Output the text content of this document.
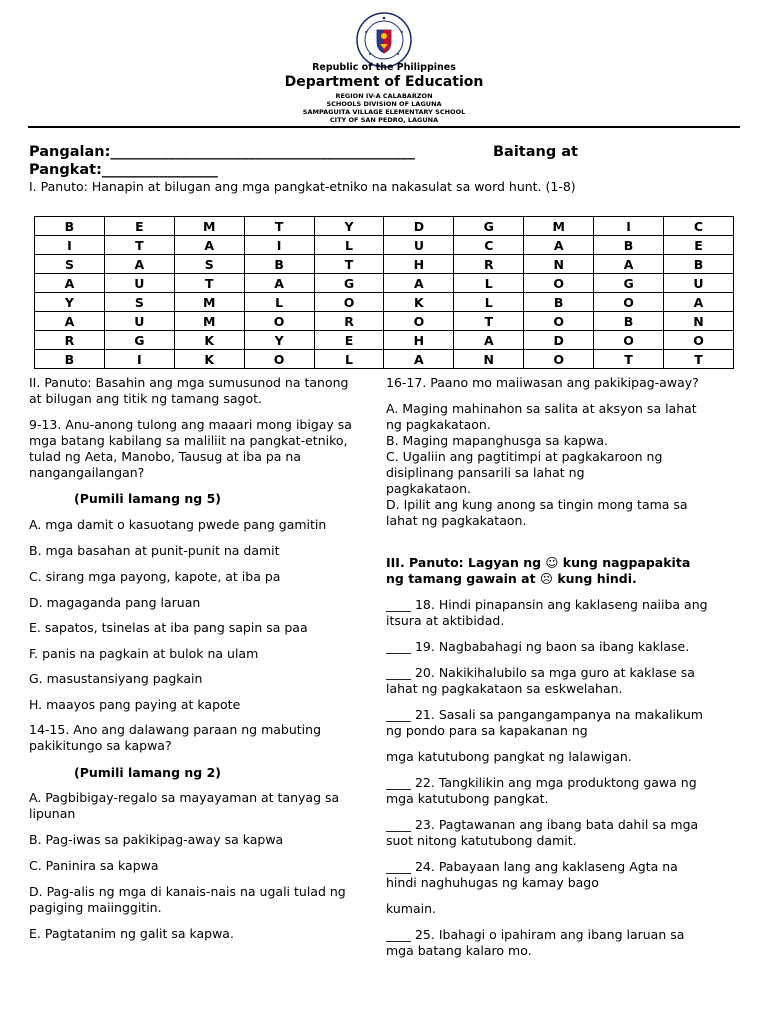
Republic of the Philippines
Department of Education
REGION IV-A CALABARZON
SCHOOLS DIVISION OF LAGUNA
SAMPAGUITA VILLAGE ELEMENTARY SCHOOL
CITY OF SAN PEDRO, LAGUNA
Pangalan:__________________________________________	Baitang at
Pangkat:________________
I. Panuto: Hanapin at bilugan ang mga pangkat-etniko na nakasulat sa word hunt. (1-8)
B	E	M	T	Y	D	G	M	I	C
I	T	A	I	L	U	C	A	B	E
S	A	S	B	T	H	R	N	A	B
A	U	T	A	G	A	L	O	G	U
Y	S	M	L	O	K	L	B	O	A
A	U	M	O	R	O	T	O	B	N
R	G	K	Y	E	H	A	D	O	O
B	I	K	O	L	A	N	O	T	T

II. Panuto: Basahin ang mga sumusunod na tanong

at bilugan ang titik ng tamang sagot.

9-13. Anu-anong tulong ang maaari mong ibigay sa

mga batang kabilang sa maliliit na pangkat-etniko,

tulad ng Aeta, Manobo, Tausug at iba pa na

nangangailangan?

(Pumili lamang ng 5)

A. mga damit o kasuotang pwede pang gamitin

B. mga basahan at punit-punit na damit

C. sirang mga payong, kapote, at iba pa

D. magaganda pang laruan

E. sapatos, tsinelas at iba pang sapin sa paa

F. panis na pagkain at bulok na ulam

G. masustansiyang pagkain

H. maayos pang paying at kapote

14-15. Ano ang dalawang paraan ng mabuting

pakikitungo sa kapwa?

(Pumili lamang ng 2)

A. Pagbibigay-regalo sa mayayaman at tanyag sa

lipunan

B. Pag-iwas sa pakikipag-away sa kapwa

C. Paninira sa kapwa

D. Pag-alis ng mga di kanais-nais na ugali tulad ng

pagiging maiinggitin.

E. Pagtatanim ng galit sa kapwa.

16-17. Paano mo maiiwasan ang pakikipag-away?

A. Maging mahinahon sa salita at aksyon sa lahat

ng pagkakataon.

B. Maging mapanghusga sa kapwa.

C. Ugaliin ang pagtitimpi at pagkakaroon ng

disiplinang pansarili sa lahat ng

pagkakataon.

D. Ipilit ang kung anong sa tingin mong tama sa

lahat ng pagkakataon.

III. Panuto: Lagyan ng ☺ kung nagpapakita

ng tamang gawain at ☹ kung hindi.

____ 18. Hindi pinapansin ang kaklaseng naiiba ang

itsura at aktibidad.

____ 19. Nagbabahagi ng baon sa ibang kaklase.

____ 20. Nakikihalubilo sa mga guro at kaklase sa

lahat ng pagkakataon sa eskwelahan.

____ 21. Sasali sa pangangampanya na makalikum

ng pondo para sa kapakanan ng

mga katutubong pangkat ng lalawigan.

____ 22. Tangkilikin ang mga produktong gawa ng

mga katutubong pangkat.

____ 23. Pagtawanan ang ibang bata dahil sa mga

suot nitong katutubong damit.

____ 24. Pabayaan lang ang kaklaseng Agta na

hindi naghuhugas ng kamay bago

kumain.

____ 25. Ibahagi o ipahiram ang ibang laruan sa

mga batang kalaro mo.
